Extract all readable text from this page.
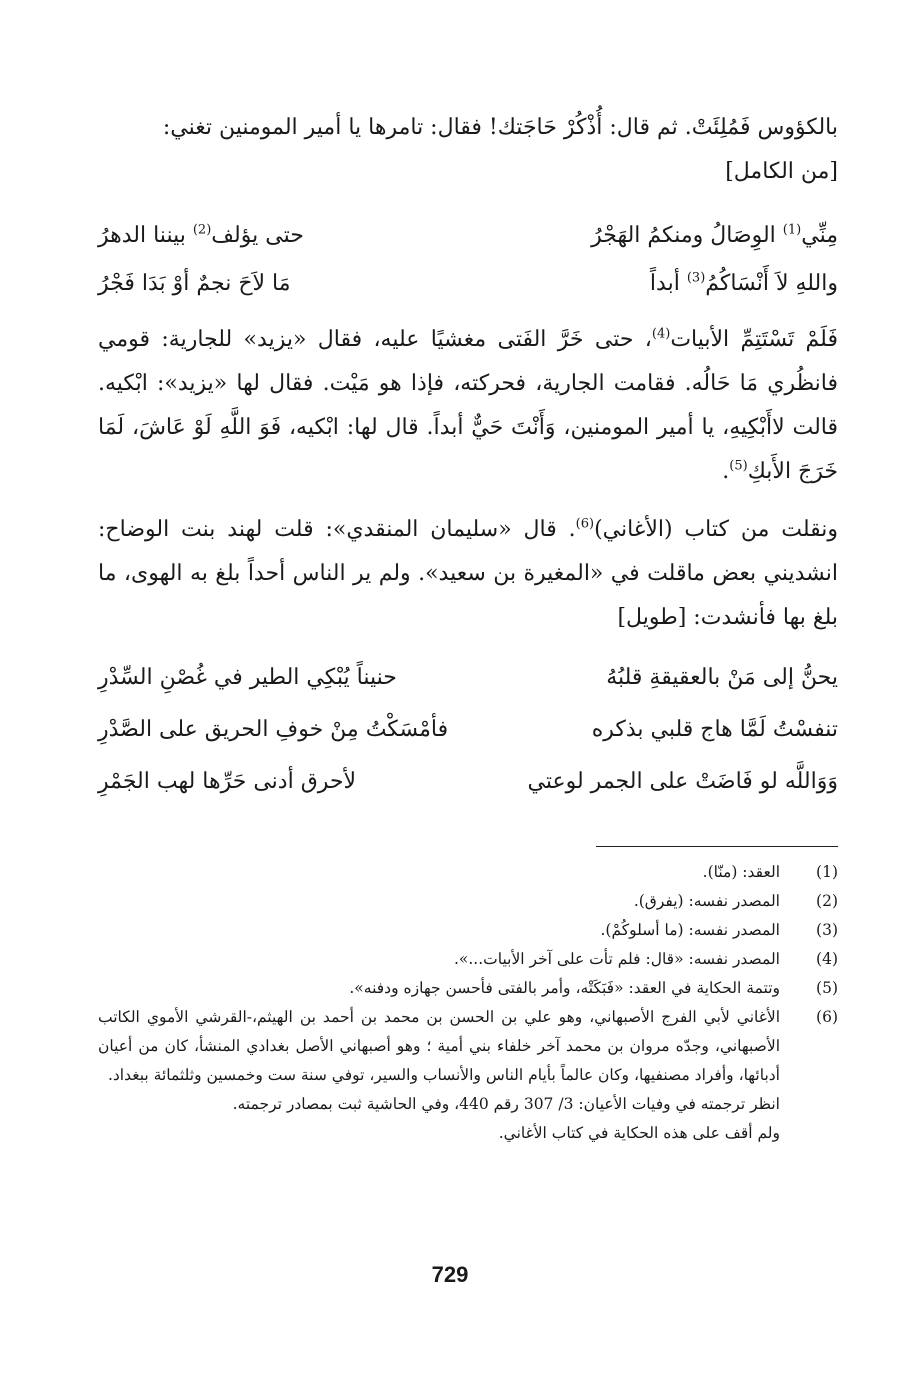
بالكؤوس فَمُلِئَتْ. ثم قال: أُذْكُرْ حَاجَتك! فقال: تامرها يا أمير المومنين تغني:
[من الكامل]

مِنِّي$^{(1)}$ الوِصَالُ ومنكمُ الهَجْرُ
حتى يؤلف$^{(2)}$ بيننا الدهرُ
واللهِ لاَ أَنْسَاكُمُ$^{(3)}$ أبداً
مَا لاَحَ نجمٌ أوْ بَدَا فَجْرُ

فَلَمْ تَسْتَتِمِّ الأبيات$^{(4)}$، حتى خَرَّ الفَتى مغشيًا عليه، فقال «يزيد» للجارية: قومي فانظُري مَا حَالُه. فقامت الجارية، فحركته، فإذا هو مَيْت. فقال لها «يزيد»: ابْكيه. قالت لاأَبْكِيهِ، يا أمير المومنين، وَأَنْتَ حَيٌّ أبداً. قال لها: ابْكيه، فَوَ اللَّهِ لَوْ عَاشَ، لَمَا خَرَجَ الأَبكِ$^{(5)}$.

ونقلت من كتاب (الأغاني)$^{(6)}$. قال «سليمان المنقدي»: قلت لهند بنت الوضاح: انشديني بعض ماقلت في «المغيرة بن سعيد». ولم ير الناس أحداً بلغ به الهوى، ما بلغ بها فأنشدت: [طويل]

يحنُّ إلى مَنْ بالعقيقةِ قلبُهُ
حنيناً يُبْكِي الطير في غُصْنِ السِّدْرِ
تنفسْتُ لَمَّا هاج قلبي بذكره
فأمْسَكْتُ مِنْ خوفِ الحريق على الصَّدْرِ
وَوَاللَّه لو فَاضَتْ على الجمر لوعتي
لأحرق أدنى حَرِّها لهب الجَمْرِ
(1)
العقد: (منّا).
(2)
المصدر نفسه: (يفرق).
(3)
المصدر نفسه: (ما أسلوكُمْ).
(4)
المصدر نفسه: «قال: فلم تأت على آخر الأبيات...».
(5)
وتتمة الحكاية في العقد: «فَبَكَتْه، وأمر بالفتى فأحسن جهازه ودفنه».
(6)
الأغاني لأبي الفرج الأصبهاني، وهو علي بن الحسن بن محمد بن أحمد بن الهيثم،-القرشي الأموي الكاتب الأصبهاني، وجدّه مروان بن محمد آخر خلفاء بني أمية ؛ وهو أصبهاني الأصل بغدادي المنشأ، كان من أعيان أدبائها، وأفراد مصنفيها، وكان عالماً بأيام الناس والأنساب والسير، توفي سنة ست وخمسين وثلثمائة ببغداد.
انظر ترجمته في وفيات الأعيان: 3/ 307 رقم 440، وفي الحاشية ثبت بمصادر ترجمته.
ولم أقف على هذه الحكاية في كتاب الأغاني.
729
